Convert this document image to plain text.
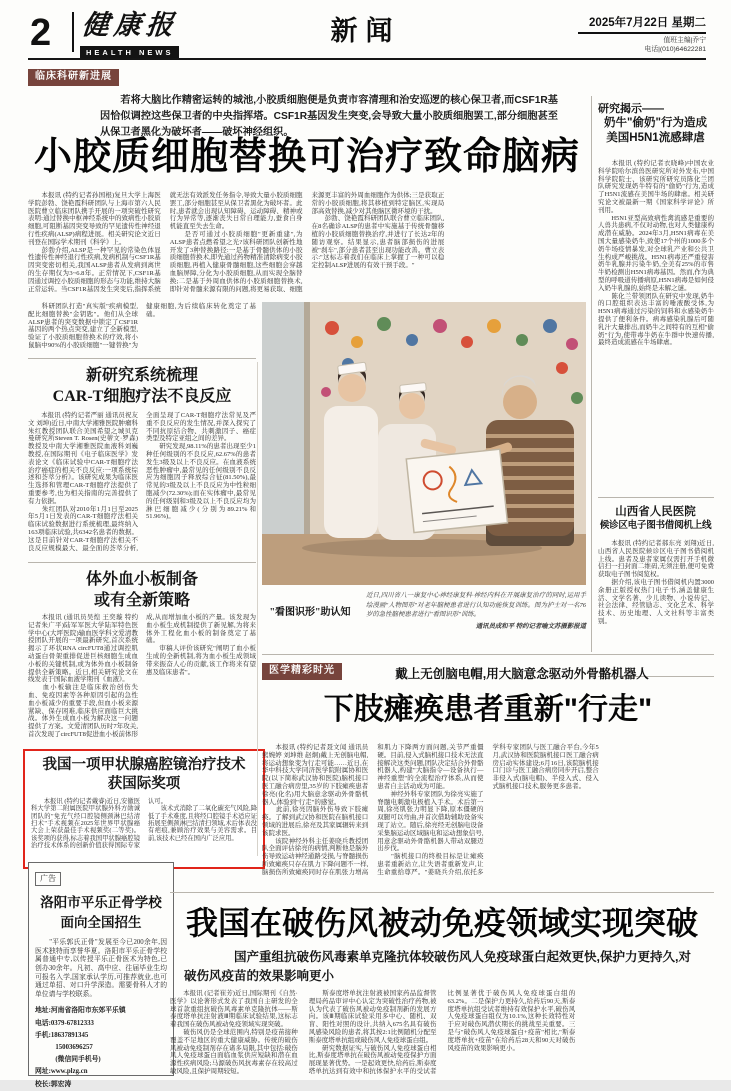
2 健康报
HEALTH NEWS
新闻	2025年7月22日 星期二
值班主编|乔宁
电话|(010)64622281
临床科研新进展
　　若将大脑比作精密运转的城池,小胶质细胞便是负责市容清理和治安巡逻的核心保卫者,而CSF1R基因恰似调控这些保卫者的中央指挥塔。CSF1R基因发生突变,会导致大量小胶质细胞罢工,部分细胞甚至从保卫者黑化为破坏者——破坏神经组织。
小胶质细胞替换可治疗致命脑病
　　本报讯 (特约记者孙国根)复旦大学上海医学院彭勃、饶艳霞科研团队与上海市第六人民医院曹立临床团队携手开展的一项突破性研究表明:通过替换中枢神经系统中的致病性小胶质细胞,可阻断基因突变导致的罕见遗传性神经退行性疾病(ALSP)病程进展。相关研究论文近日刊登在国际学术期刊《科学》上。
　　彭勃介绍,ALSP是一种罕见的常染色体显性遗传性神经退行性疾病,发病机制与CSF1R基因突变密切相关,我国ALSP患者从发病到离世的生存期仅为3~6.8年。正常情况下,CSF1R基因通过调控小胶质细胞的形态与功能,维持大脑正常运转。当CSF1R基因发生突变后,指挥系统就无法有效派发任务指令,导致大量小胶质细胞罢工,部分细胞甚至从保卫者黑化为破坏者。此时,患者就会出现认知障碍、运动障碍、精神或行为异常等,逐渐丧失日常自理能力,蚕食自身机能直至失去生命。
　　是否可通过小胶质细胞"更新重建",为ALSP患者点燃希望之光?该科研团队创新性地开发了3种替换路径:一是基于骨髓供体的小胶质细胞替换术,即先通过药物精准清除病变小胶质细胞,再植入健康骨髓细胞,这些细胞会穿越血脑屏障,分化为小胶质细胞,从而实现全脑替换;二是基于外周血供体的小胶质细胞替换术,即针对骨髓来源有限的问题,将更易获取、细胞来源更丰富的外周血细胞作为供体;三是获取正常的小胶质细胞,将其移植到特定脑区,实现局部高效替换,减少对其他脑区微环境的干扰。
　　彭勃、饶艳霞科研团队联合曹立临床团队,在8名确诊ALSP的患者中实施基于传统骨髓移植的小胶质细胞替换治疗,并进行了长达2年的随访观察。结果显示,患者脑部损伤的进展被"刹车",部分患者甚至出现功能改善。曹立表示:"这标志着我们在临床上掌握了一种可以稳定控制ALSP进展的有效干预手段。"
　　科研团队打造"真实版"疾病模型,配比细胞替换"金钥匙"。他们从全球ALSP患者的突变数据中锁定了CSF1R基因的两个热点突变,建立了全新模型,验证了小胶质细胞替换术的疗效,将小鼠脑中90%的小胶质细胞"一键替换"为健康细胞,为后续临床转化奠定了基础。
新研究系统梳理
CAR-T细胞疗法不良反应
　　本报讯 (特约记者严丽 通讯员祝友文 刘坤)近日,中南大学湘雅医院肿瘤科朱红教授团队联合美国希望之城贝克曼研究所Steven T. Rosen(史蒂文·罗森)教授及中南大学湘雅医院血液科刘巍教授,在国际期刊《电子临床医学》发表论文《临床试验中CAR-T细胞疗法治疗癌症的相关不良反应:一项系统综述和荟萃分析》。该研究成果为临床医生选择和管理CAR-T细胞疗法提供了重要参考,也为相关指南的完善提供了有力依据。
　　朱红团队对2010年1月1日至2025年5月1日发表的CAR-T细胞疗法相关临床试验数据进行系统梳理,最终纳入163项临床试验,共6342名患者的数据。这是目前针对CAR-T细胞疗法相关不良反应规模最大、最全面的荟萃分析,全面呈现了CAR-T细胞疗法常见及严重不良反应的发生情况,并深入探究了不同抗原结合物、共刺激因子、癌症类型及特定亚组之间的差异。
　　研究发现,98.11%的患者出现至少1种任何级别的不良反应,62.67%的患者发生3级及以上不良反应。在血液系统恶性肿瘤中,最常见的任何级别不良反应为细胞因子释放综合征(81.50%),最常见的3级及以上不良反应为中性粒细胞减少(72.30%);而在实体瘤中,最常见的任何级别和3级及以上不良反应均为淋巴细胞减少(分别为89.21%和51.96%)。
体外血小板制备
或有全新策略
　　本报讯 (通讯员吴煌 王奕璇 特约记者朱广平)陆军军医大学陆军特色医学中心(大坪医院)输血医学科文爱清教授团队开展的一项最新研究,首次系统揭示了环状RNA circFUT8通过调控肌动蛋白骨架重排促进巨核细胞生成血小板的关键机制,或为体外血小板制备提供全新策略。近日,相关研究论文在线发表于国际血液学期刊《血液》。
　　血小板输注是临床救治创伤失血、免疫因素等各种原因引起的急性血小板减少的重要手段,但血小板来源紧缺、保存困难,临床供应面临巨大挑战。体外生成血小板为解决这一问题提供了方案。文爱清团队历时7年攻关,首次发现了circFUT8促进血小板前体形成,从而增加血小板的产量。该发现为血小板生成机制提供了新见解,为将来体外工程化血小板的制备奠定了基础。
　　审稿人评价该研究"阐明了血小板生成的全新机制,将为血小板生成领域带来振奋人心的贡献,该工作将来有望惠及临床患者"。
我国一项甲状腺癌腔镜治疗技术
获国际奖项
　　本报讯 (特约记者戴睿)近日,安徽医科大学第二附属医院甲状腺外科方勋诚团队的"免充气经口腔镜侧颈淋巴结清扫术"手术视频在2025年世界甲状腺癌大会上荣获最佳手术视频奖(二等奖)。该奖项的获得,标志着我国甲状腺癌腔镜治疗技术体系的创新价值获得国际专家认可。
　　该术式消除了二氧化碳充气风险,降低了手术难度,且将经口腔镜手术适应证拓展至侧颈淋巴结清扫领域,术后体表没有疤痕,兼顾治疗效果与美容需求。目前,该技术已经在国内广泛应用。
广告
洛阳市平乐正骨学校
面向全国招生
　　"平乐郭氏正骨"发展至今已200余年,因医术独特而享誉华夏。洛阳市平乐正骨学校属普通中专,以传授平乐正骨医术为特色,已创办30余年。凡初、高中应、往届毕业生均可报名入学,国家承认学历,可推荐就业,也可通过单招、对口升学深造。需要骨科人才的单位请与学校联系。
地址:河南省洛阳市东郊平乐镇
电话:0379-67812333
手机:18637891345
　　　15003696257
　　　(微信同手机号)
网址:www.plzg.cn
校长:郭宏涛
"看图识形"助认知
近日,四川省八一康复中心神经康复科·神经内科在开展康复治疗的同时,运用手绘漫画"人物图形"对老年脑梗患者进行认知功能恢复训练。图为护士对一名76岁的急性脑梗患者进行"看图识形"训练。
通讯员成和平 特约记者喻文苏摄影报道
研究揭示——
奶牛"偷奶"行为造成
美国H5N1流感肆虐
　　本报讯 (特约记者衣晓峰)中国农业科学院哈尔滨兽医研究所对外发布,中国科学院院士、该研究所研究员陈化兰团队研究发现奶牛特有的"偷奶"行为,造成了H5N1流感在美国牛场的肆虐。相关研究论文被最新一期《国家科学评论》所刊用。
　　H5N1亚型高致病性禽流感是重要的人兽共患病,不仅对动物,也对人类健康构成潜在威胁。2024年3月,H5N1病毒在美国大量感染奶牛,致使17个州的1000多个奶牛场疫情暴发,对全球乳产业和公共卫生构成严峻挑战。H5N1病毒还严重侵害奶牛乳腺并污染牛奶,全美有25%的市售牛奶检测出H5N1病毒基因。然而,作为典型的呼吸道传播病原,H5N1病毒是如何侵入奶牛乳腺的,始终是未解之谜。
　　陈化兰带领团队在研究中发现,奶牛的口腔组织表达丰富的唾液酸受体,为H5N1病毒通过污染的饲料和水感染奶牛提供了便利条件。病毒感染乳腺后可随乳汁大量排出,而奶牛之间特有的互相"偷奶"行为,使带毒牛奶在牛群中快速传播,最终造成流感在牛场肆虐。
山西省人民医院
候诊区电子图书借阅机上线
　　本报讯 (特约记者郝东亮 刘翔)近日,山西省人民医院候诊区电子图书借阅机上线。患者及患者家属仅需打开手机微信扫一扫封面二维码,无须注册,便可免费获取电子图书阅览权。
　　据介绍,该电子图书借阅机内置3000余册正版授权热门电子书,涵盖健康生活、文学名著、少儿读物、小说传记、社会法律、经管励志、文化艺术、科学技术、历史地理、人文社科等丰富类别。
医学精彩时光	戴上无创脑电帽,用大脑意念驱动外骨骼机器人
下肢瘫痪患者重新"行走"
　　本报讯 (特约记者聂文闻 通讯员熊婉婷 刘坤维 赵炯)戴上无创脑电帽,将运动想象变为行走可能……近日,在华中科技大学同济医学院附属协和医院(以下简称武汉协和医院)脑机接口医工融合病房里,35岁的下肢瘫痪患者徐亮(化名)用大脑意念驱动外骨骼机器人,体验到"行走"的感觉。
　　此前,徐亮因脑外伤导致下肢瘫痪。了解到武汉协和医院在脑机接口领域的进展后,徐亮及其家属辗转来到该院求医。
　　该院神经外科主任姜晓兵教授团队全面评估徐亮的病情,判断他是脑外伤导致运动神经通路受损,与脊髓损伤所致瘫痪只存在肌力下降问题不一样,脑损伤所致瘫痪同时存在肌张力增高和肌力下降两方面问题,关节严重僵硬。目前,侵入式脑机接口技术无法直接解决这类问题,团队决定结合外骨骼机器人,构建"大脑指令—设备执行—神经重塑"的全流程治疗体系,从而使患者自主活动成为可能。
　　神经外科专家团队为徐亮实施了脊髓电刺激电极植入手术。术后第一周,徐亮肌张力明显下降,原本僵硬的双腿可以弯曲,并首次借助辅助设备实现了站立。随后,徐亮经无创脑电设备采集脑运动区域脑电和运动想象信号,用意念驱动外骨骼机器人带动双腿迈出步伐。
　　"脑机接口的终极目标是让瘫痪患者重新站立,让失语者重新发声,让生命重拾尊严。"姜晓兵介绍,依托多学科专家团队与医工融合平台,今年5月,武汉协和医院脑机接口医工融合病房启动实体建设;6月16日,该院脑机接口门诊与医工融合病房同步开启,整合非侵入式(脑电帽)、半侵入式、侵入式脑机接口技术,服务更多患者。
我国在破伤风被动免疫领域实现突破
国产重组抗破伤风毒素单克隆抗体较破伤风人免疫球蛋白起效更快,保护力更持久,对破伤风疫苗的效果影响更小
　　本报讯 (记者崔芳)近日,国际期刊《自然·医学》以论著形式发表了我国自主研发的全球首款重组抗破伤风毒素单克隆抗体——斯泰度塔单抗注射液Ⅲ期临床试验结果,这标志着我国在破伤风被动免疫领域实现突破。
　　破伤风仍是全球范围内,特别是疫苗接种覆盖不足地区的重大健康威胁。传统的破伤风被动免疫制剂存在诸多局限,其中包括:破伤风人免疫球蛋白面临血浆供应短缺和潜在血源性疾病风险;马源破伤风抗毒素存在较高过敏风险,且保护周期较短。
　　斯泰度塔单抗注射液被国家药品监督管理局药品审评中心认定为突破性治疗药物,被认为代表了破伤风被动免疫制剂新的发展方向。该Ⅲ期临床试验采用多中心、随机、双盲、阳性对照的设计,共纳入675名具有破伤风感染风险的患者,将其按2:1比例随机分配至斯泰度塔单抗组或破伤风人免疫球蛋白组。
　　研究数据证实,与破伤风人免疫球蛋白相比,斯泰度塔单抗在破伤风被动免疫保护方面展现显著优势。一是起效更快,给药后,斯泰度塔单抗达到有效中和抗体保护水平的受试者比例显著优于破伤风人免疫球蛋白组的63.2%。二是保护力更持久,给药后90天,斯泰度塔单抗组受试者维持有效保护水平,破伤风人免疫球蛋白组仅为10.1%,这种长效特性对于应对破伤风潜伏期长的挑战至关重要。三是与"破伤风人免疫球蛋白+疫苗"相比,"斯泰度塔单抗+疫苗"在给药后28天和90天对破伤风疫苗的效果影响更小。
